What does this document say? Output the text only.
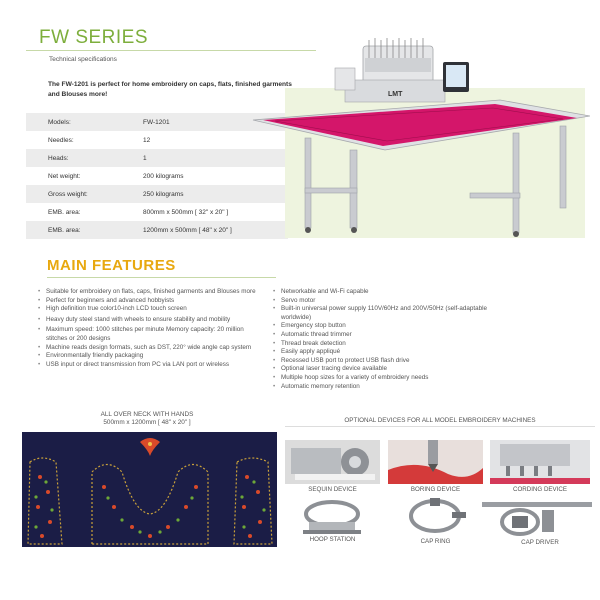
FW SERIES
Technical specifications
The FW-1201 is perfect for home embroidery on caps, flats, finished garments and Blouses more!
Models:	FW-1201
Needles:	12
Heads:	1
Net weight:	200 kilograms
Gross weight:	250 kilograms
EMB. area:	800mm x 500mm [ 32" x 20" ]
EMB. area:	1200mm x 500mm [ 48" x 20" ]
LMT
MAIN FEATURES
• Suitable for embroidery on flats, caps, finished garments and Blouses more
• Perfect for beginners and advanced hobbyists
• High definition true color10-inch LCD touch screen
• Heavy duty steel stand with wheels to ensure stability and mobility
• Maximum speed: 1000 stitches per minute Memory capacity: 20 million stitches or 200 designs
• Machine reads design formats, such as DST, 220° wide angle cap system
• Environmentally friendly packaging
• USB input or direct transmission from PC via LAN port or wireless
• Networkable and Wi-Fi capable
• Servo motor
• Built-in universal power supply 110V/60Hz and 200V/50Hz (self-adaptable worldwide)
• Emergency stop button
• Automatic thread trimmer
• Thread break detection
• Easily apply appliqué
• Recessed USB port to protect USB flash drive
• Optional laser tracing device available
• Multiple hoop sizes for a variety of embroidery needs
• Automatic memory retention
ALL OVER NECK WITH HANDS
500mm x 1200mm [ 48" x 20" ]	OPTIONAL DEVICES FOR ALL MODEL EMBROIDERY MACHINES
SEQUIN DEVICE	BORING DEVICE	CORDING DEVICE
HOOP STATION	CAP RING	CAP DRIVER
